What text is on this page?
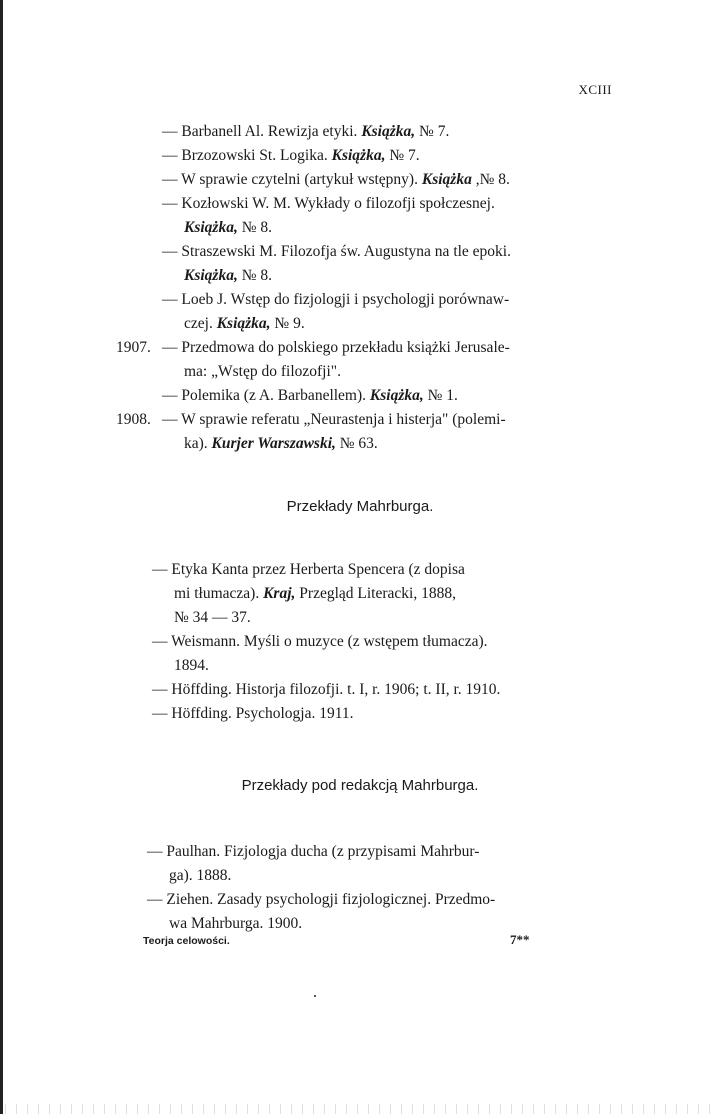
XCIII
— Barbanell Al. Rewizja etyki. Książka, № 7.
— Brzozowski St. Logika. Książka, № 7.
— W sprawie czytelni (artykuł wstępny). Książka ,№ 8.
— Kozłowski W. M. Wykłady o filozofji społczesnej.
Książka, № 8.
— Straszewski M. Filozofja św. Augustyna na tle epoki.
Książka, № 8.
— Loeb J. Wstęp do fizjologji i psychologji porównaw-
czej. Książka, № 9.
1907. — Przedmowa do polskiego przekładu książki Jerusale-
ma: „Wstęp do filozofji".
— Polemika (z A. Barbanellem). Książka, № 1.
1908. — W sprawie referatu „Neurastenja i histerja" (polemi-
ka). Kurjer Warszawski, № 63.
Przekłady Mahrburga.
— Etyka Kanta przez Herberta Spencera (z dopisa
mi tłumacza). Kraj, Przegląd Literacki, 1888,
№ 34 — 37.
— Weismann. Myśli o muzyce (z wstępem tłumacza).
1894.
— Höffding. Historja filozofji. t. I, r. 1906; t. II, r. 1910.
— Höffding. Psychologja. 1911.
Przekłady pod redakcją Mahrburga.
— Paulhan. Fizjologja ducha (z przypisami Mahrbur-
ga). 1888.
— Ziehen. Zasady psychologji fizjologicznej. Przedmo-
wa Mahrburga. 1900.
Teorja celowości.	7**
